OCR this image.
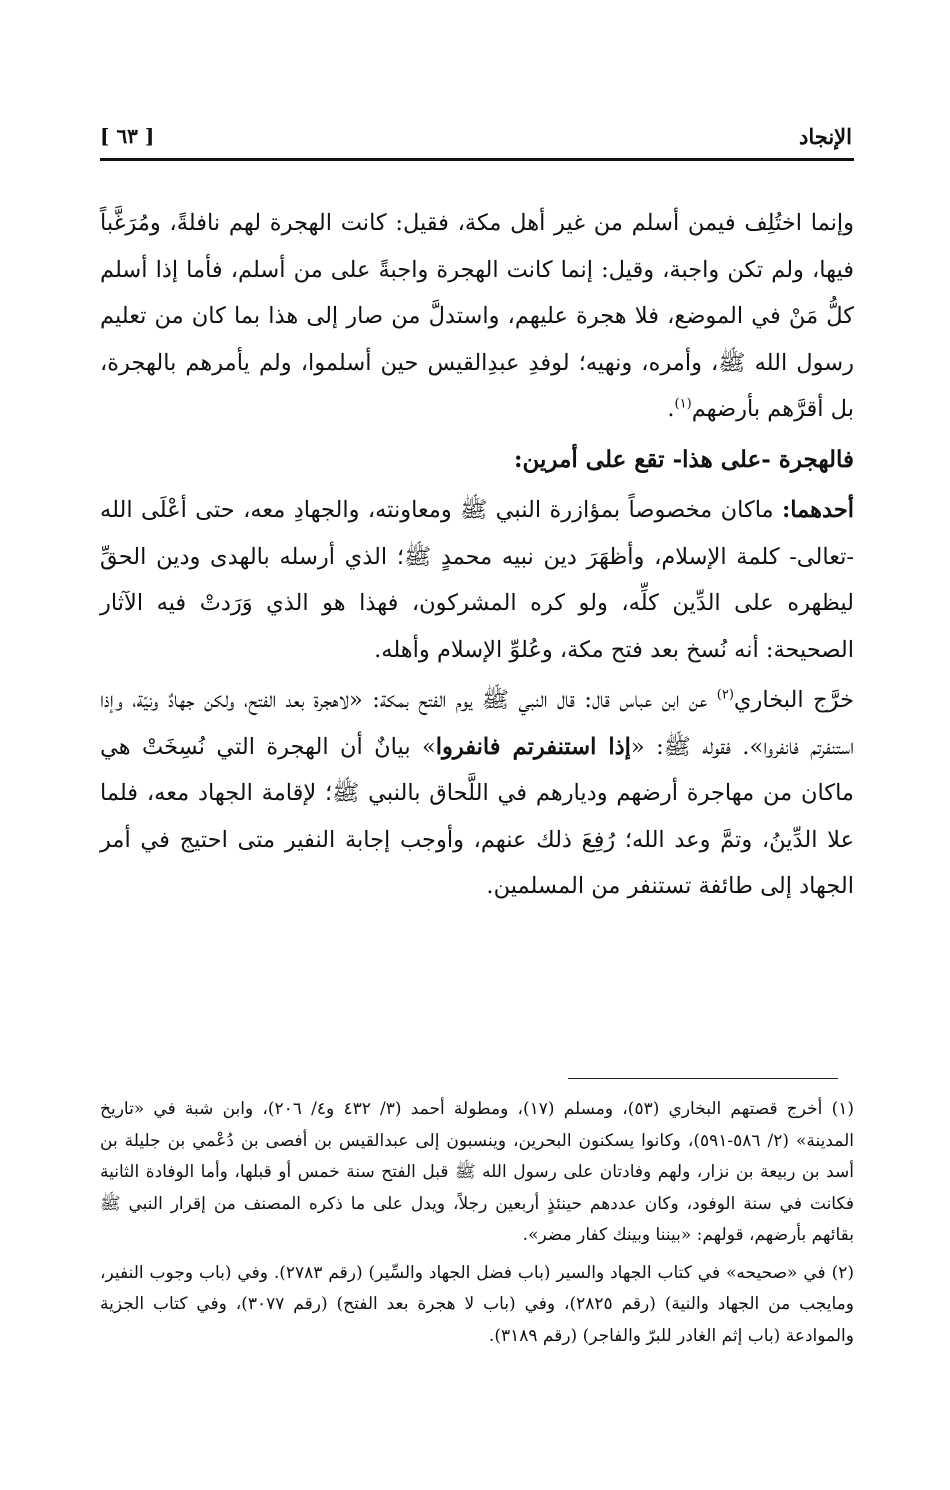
الإنجاد
[ ٦٣ ]

وإنما اختُلِف فيمن أسلم من غير أهل مكة، فقيل: كانت الهجرة لهم نافلةً، ومُرَغَّباً فيها، ولم تكن واجبة، وقيل: إنما كانت الهجرة واجبةً على من أسلم، فأما إذا أسلم كلُّ مَنْ في الموضع، فلا هجرة عليهم، واستدلَّ من صار إلى هذا بما كان من تعليم رسول الله ﷺ، وأمره، ونهيه؛ لوفدِ عبدِالقيس حين أسلموا، ولم يأمرهم بالهجرة، بل أقرَّهم بأرضهم$^{(١)}$.

فالهجرة -على هذا- تقع على أمرين:

أحدهما: ماكان مخصوصاً بمؤازرة النبي ﷺ ومعاونته، والجهادِ معه، حتى أعْلَى الله -تعالى- كلمة الإسلام، وأظهَرَ دين نبيه محمدٍ ﷺ؛ الذي أرسله بالهدى ودين الحقِّ ليظهره على الدِّين كلِّه، ولو كره المشركون، فهذا هو الذي وَرَدتْ فيه الآثار الصحيحة: أنه نُسخ بعد فتح مكة، وعُلوِّ الإسلام وأهله.

خرَّج البخاري$^{(٢)}$ عن ابن عباس قال: قال النبي ﷺ يوم الفتح بمكة: «لاهجرة بعد الفتح، ولكن جهادٌ ونيّة، وإذا استنفرتم فانفروا». فقوله ﷺ: «إذا استنفرتم فانفروا» بيانٌ أن الهجرة التي نُسِخَتْ هي ماكان من مهاجرة أرضهم وديارهم في اللَّحاق بالنبي ﷺ؛ لإقامة الجهاد معه، فلما علا الدِّينُ، وتمَّ وعد الله؛ رُفِعَ ذلك عنهم، وأوجب إجابة النفير متى احتيج في أمر الجهاد إلى طائفة تستنفر من المسلمين.

(١) أخرج قصتهم البخاري (٥٣)، ومسلم (١٧)، ومطولة أحمد (٣/ ٤٣٢ و٤/ ٢٠٦)، وابن شبة في «تاريخ المدينة» (٢/ ٥٨٦-٥٩١)، وكانوا يسكنون البحرين، وينسبون إلى عبدالقيس بن أفصى بن دُعْمي بن جليلة بن أسد بن ربيعة بن نزار، ولهم وفادتان على رسول الله ﷺ قبل الفتح سنة خمس أو قبلها، وأما الوفادة الثانية فكانت في سنة الوفود، وكان عددهم حينئذٍ أربعين رجلاً، ويدل على ما ذكره المصنف من إقرار النبي ﷺ بقائهم بأرضهم، قولهم: «بيننا وبينك كفار مضر».

(٢) في «صحيحه» في كتاب الجهاد والسير (باب فضل الجهاد والسِّير) (رقم ٢٧٨٣). وفي (باب وجوب النفير، ومايجب من الجهاد والنية) (رقم ٢٨٢٥)، وفي (باب لا هجرة بعد الفتح) (رقم ٣٠٧٧)، وفي كتاب الجزية والموادعة (باب إثم الغادر للبرّ والفاجر) (رقم ٣١٨٩).
